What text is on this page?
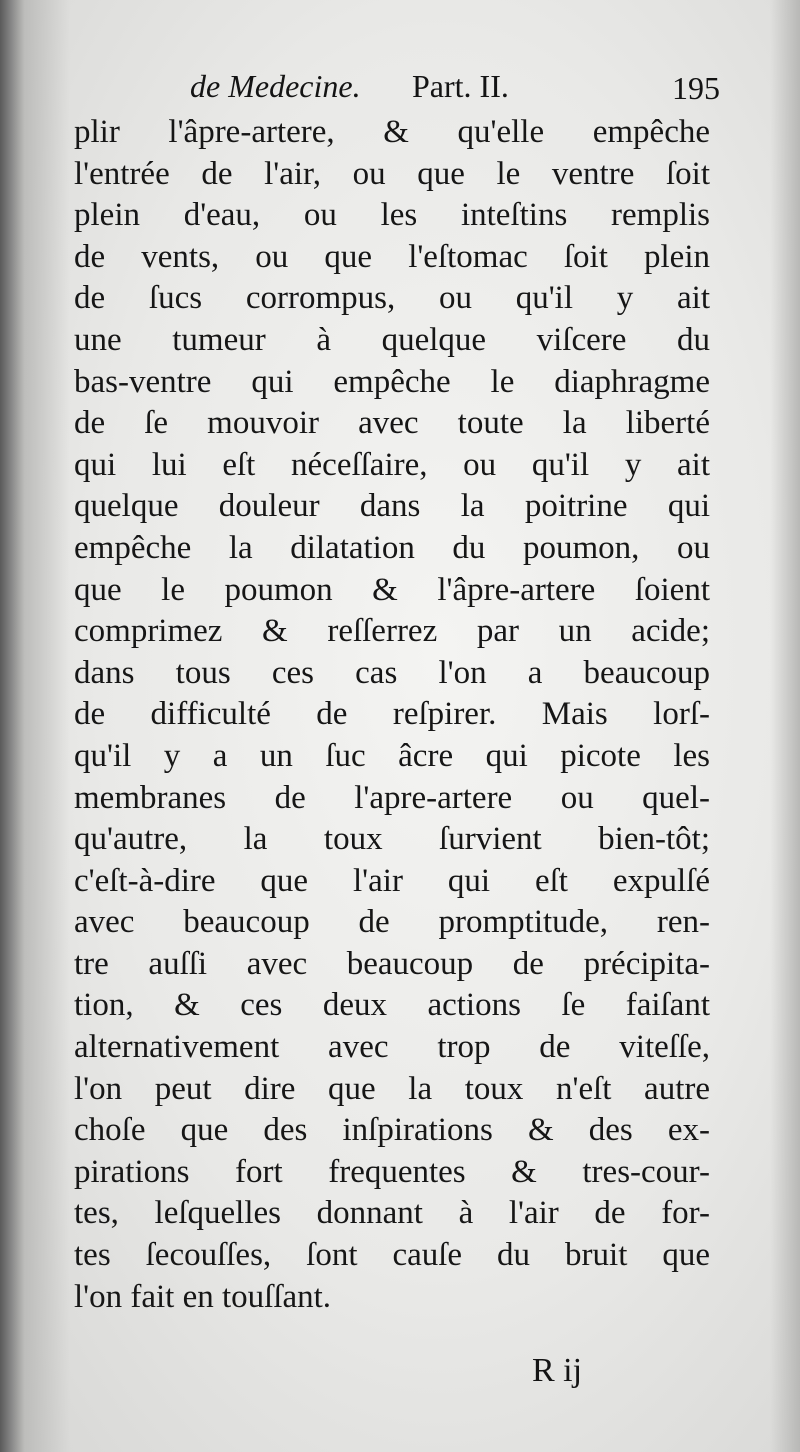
de Medecine. Part. II.	195
plir l'âpre-artere, & qu'elle empêche
l'entrée de l'air, ou que le ventre ſoit
plein d'eau, ou les inteſtins remplis
de vents, ou que l'eſtomac ſoit plein
de ſucs corrompus, ou qu'il y ait
une tumeur à quelque viſcere du
bas-ventre qui empêche le diaphragme
de ſe mouvoir avec toute la liberté
qui lui eſt néceſſaire, ou qu'il y ait
quelque douleur dans la poitrine qui
empêche la dilatation du poumon, ou
que le poumon & l'âpre-artere ſoient
comprimez & reſſerrez par un acide;
dans tous ces cas l'on a beaucoup
de difficulté de reſpirer. Mais lorſ-
qu'il y a un ſuc âcre qui picote les
membranes de l'apre-artere ou quel-
qu'autre, la toux ſurvient bien-tôt;
c'eſt-à-dire que l'air qui eſt expulſé
avec beaucoup de promptitude, ren-
tre auſſi avec beaucoup de précipita-
tion, & ces deux actions ſe faiſant
alternativement avec trop de viteſſe,
l'on peut dire que la toux n'eſt autre
choſe que des inſpirations & des ex-
pirations fort frequentes & tres-cour-
tes, leſquelles donnant à l'air de for-
tes ſecouſſes, ſont cauſe du bruit que
l'on fait en touſſant.
R ij
